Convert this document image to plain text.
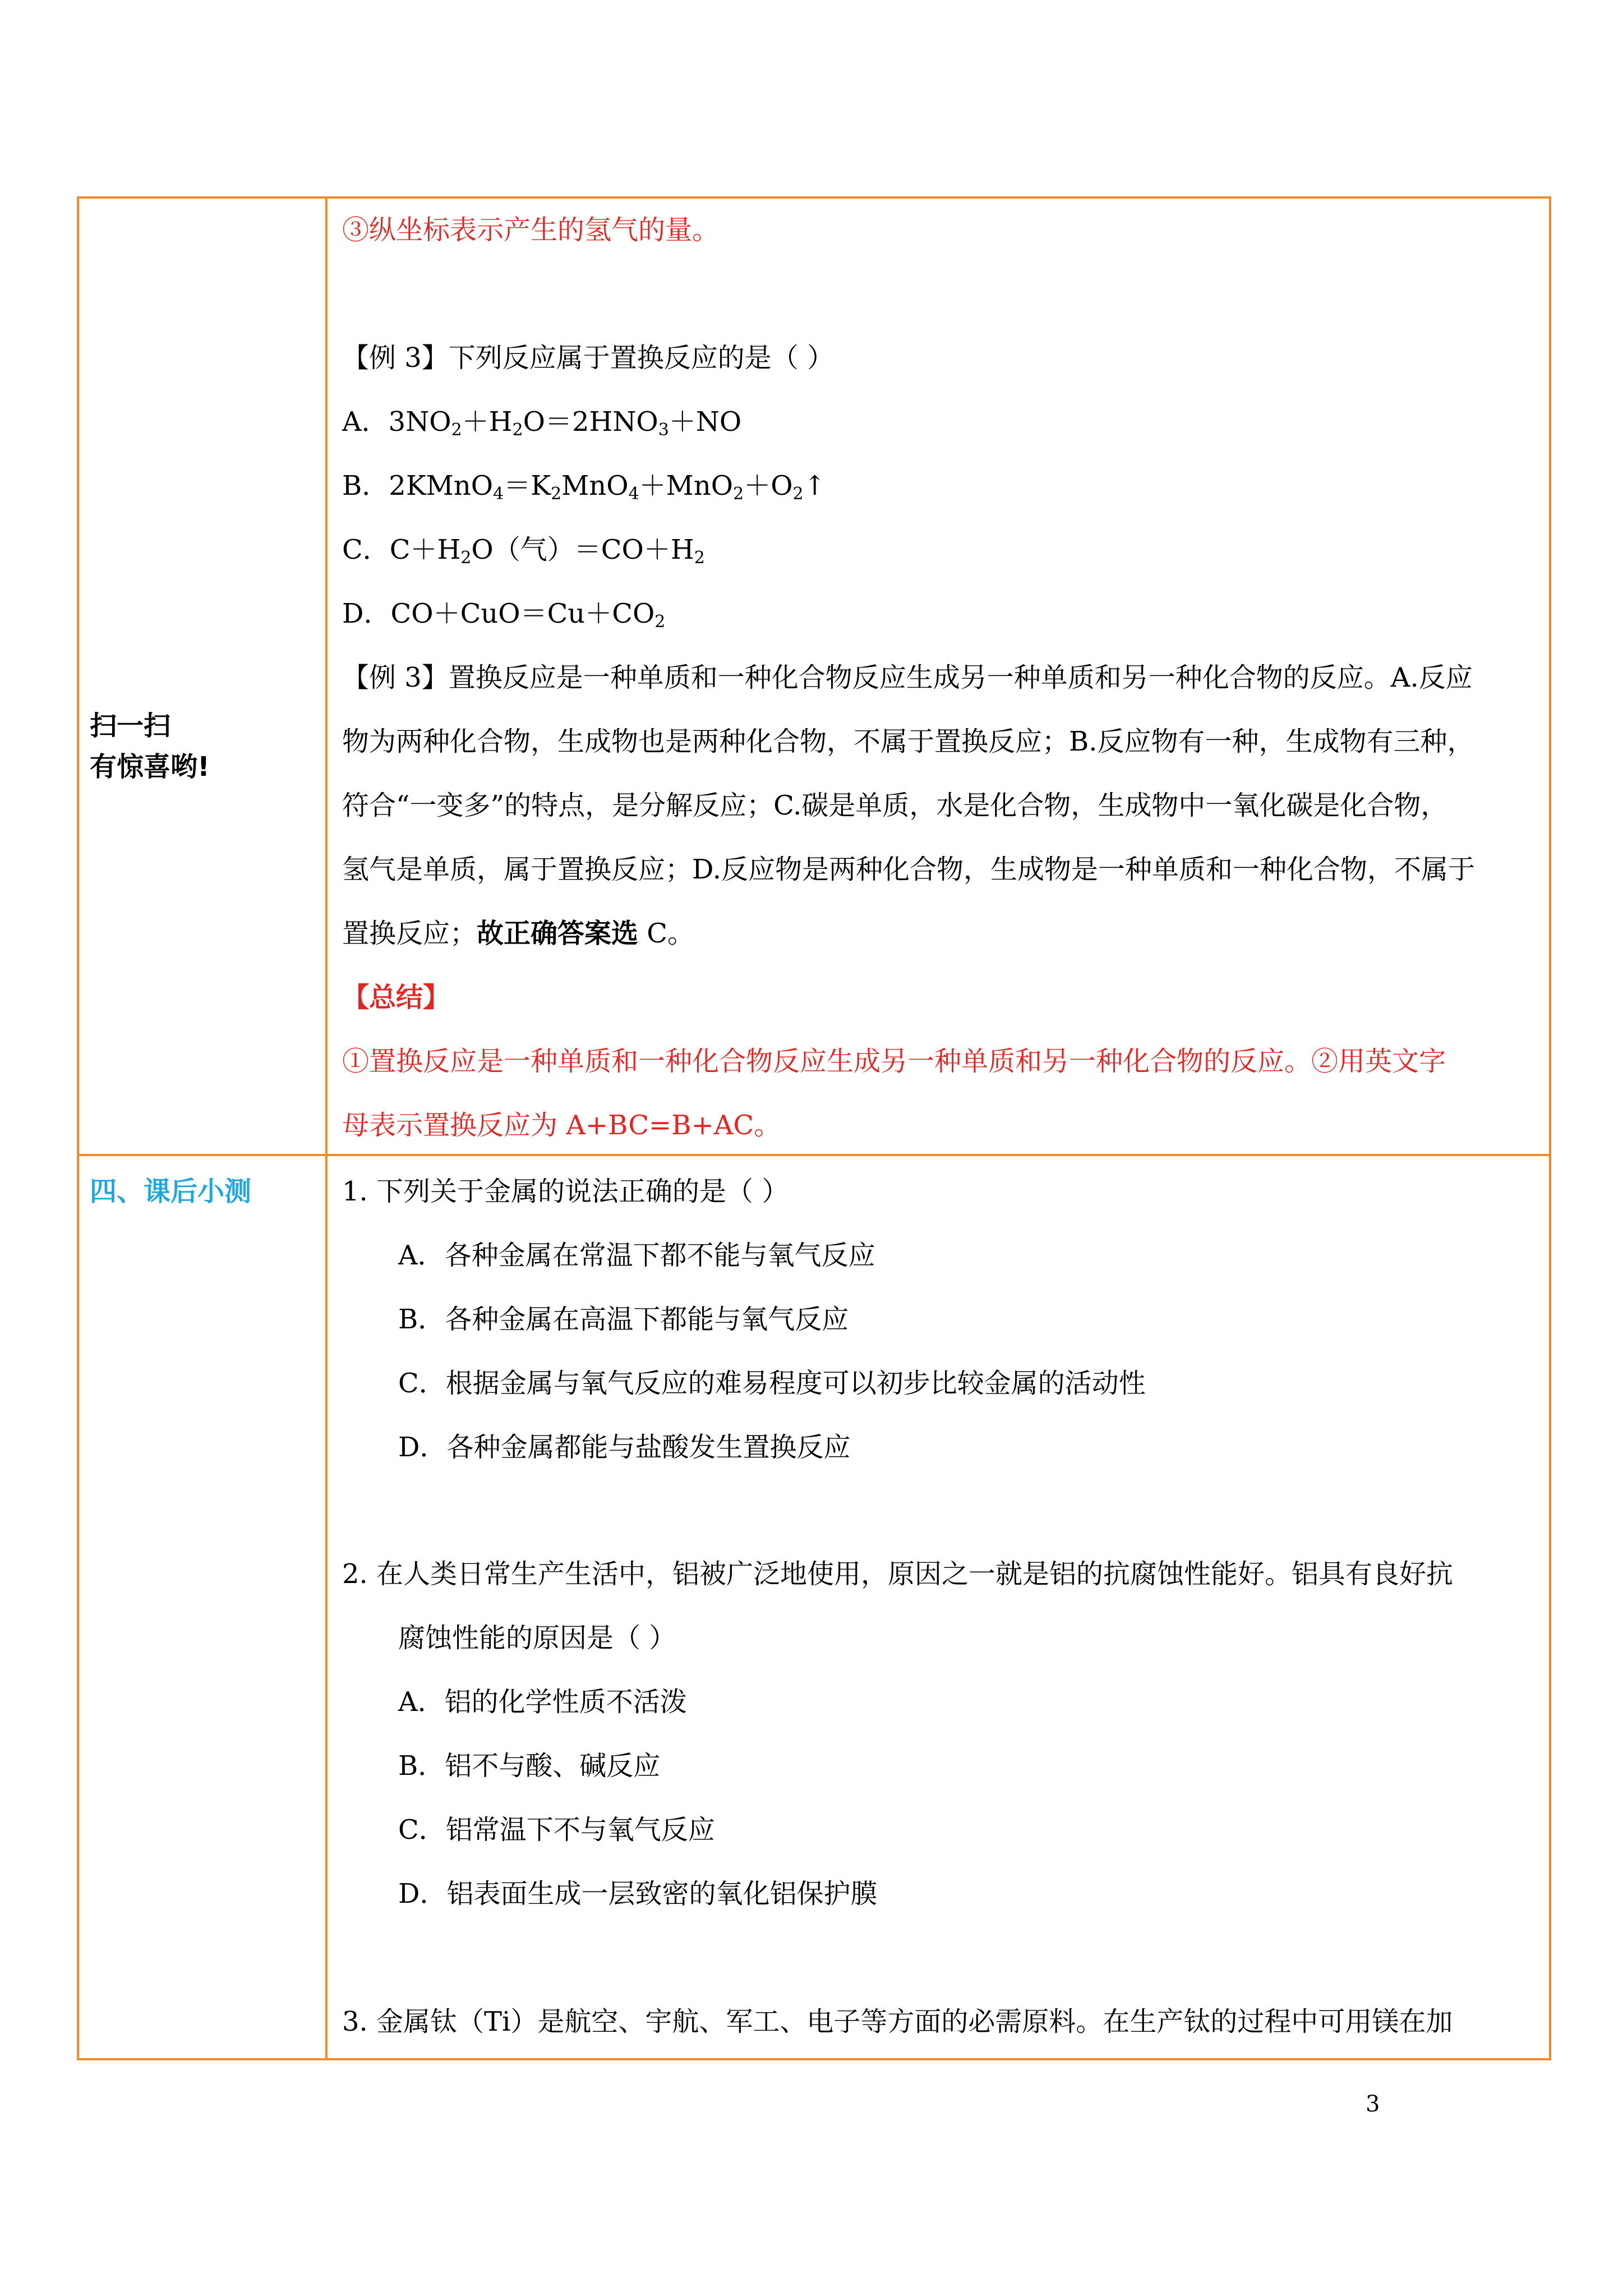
扫一扫
有惊喜哟!
四、课后小测
③纵坐标表示产生的氢气的量。
【例 3】下列反应属于置换反应的是（ ）
A．$3NO_2+H_2O=2HNO_3+NO$
B．$2KMnO_4=K_2MnO_4+MnO_2+O_2↑$
C．$C+H_2O$（气）$=CO+H_2$
D．$CO+CuO=Cu+CO_2$
【例 3】置换反应是一种单质和一种化合物反应生成另一种单质和另一种化合物的反应。A.反应
物为两种化合物，生成物也是两种化合物，不属于置换反应；B.反应物有一种，生成物有三种，
符合“一变多”的特点，是分解反应；C.碳是单质，水是化合物，生成物中一氧化碳是化合物，
氢气是单质，属于置换反应；D.反应物是两种化合物，生成物是一种单质和一种化合物，不属于
置换反应；故正确答案选 C。
【总结】
①置换反应是一种单质和一种化合物反应生成另一种单质和另一种化合物的反应。②用英文字
母表示置换反应为 A+BC=B+AC。
1. 下列关于金属的说法正确的是（ ）
A．各种金属在常温下都不能与氧气反应
B．各种金属在高温下都能与氧气反应
C．根据金属与氧气反应的难易程度可以初步比较金属的活动性
D．各种金属都能与盐酸发生置换反应
2. 在人类日常生产生活中，铝被广泛地使用，原因之一就是铝的抗腐蚀性能好。铝具有良好抗
腐蚀性能的原因是（ ）
A．铝的化学性质不活泼
B．铝不与酸、碱反应
C．铝常温下不与氧气反应
D．铝表面生成一层致密的氧化铝保护膜
3. 金属钛（Ti）是航空、宇航、军工、电子等方面的必需原料。在生产钛的过程中可用镁在加
3
